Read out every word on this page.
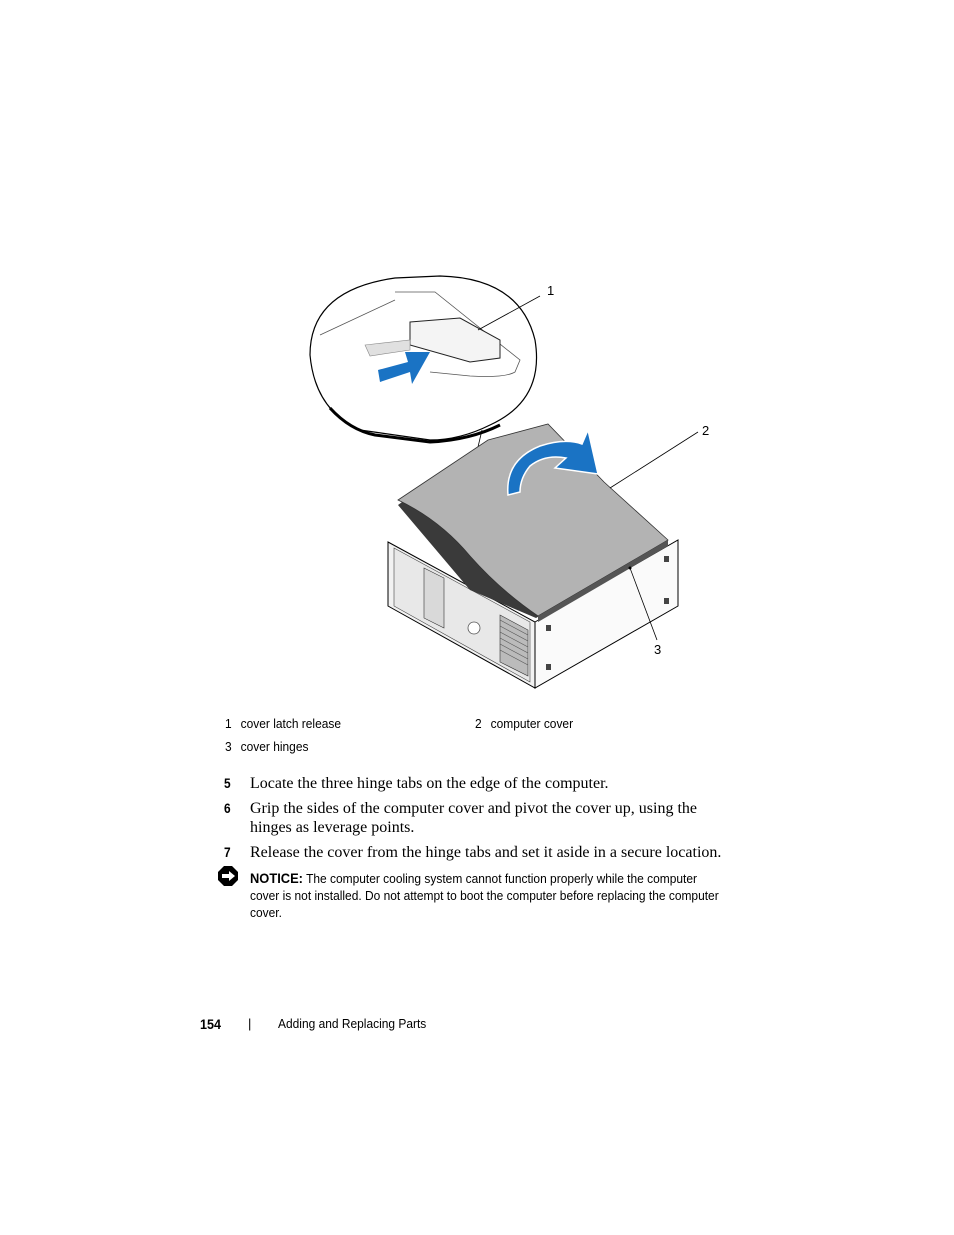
1
2
3
1 cover latch release	2 computer cover
3 cover hinges
5 Locate the three hinge tabs on the edge of the computer.
6 Grip the sides of the computer cover and pivot the cover up, using the hinges as leverage points.
7 Release the cover from the hinge tabs and set it aside in a secure location.
NOTICE: The computer cooling system cannot function properly while the computer cover is not installed. Do not attempt to boot the computer before replacing the computer cover.
154 | Adding and Replacing Parts
